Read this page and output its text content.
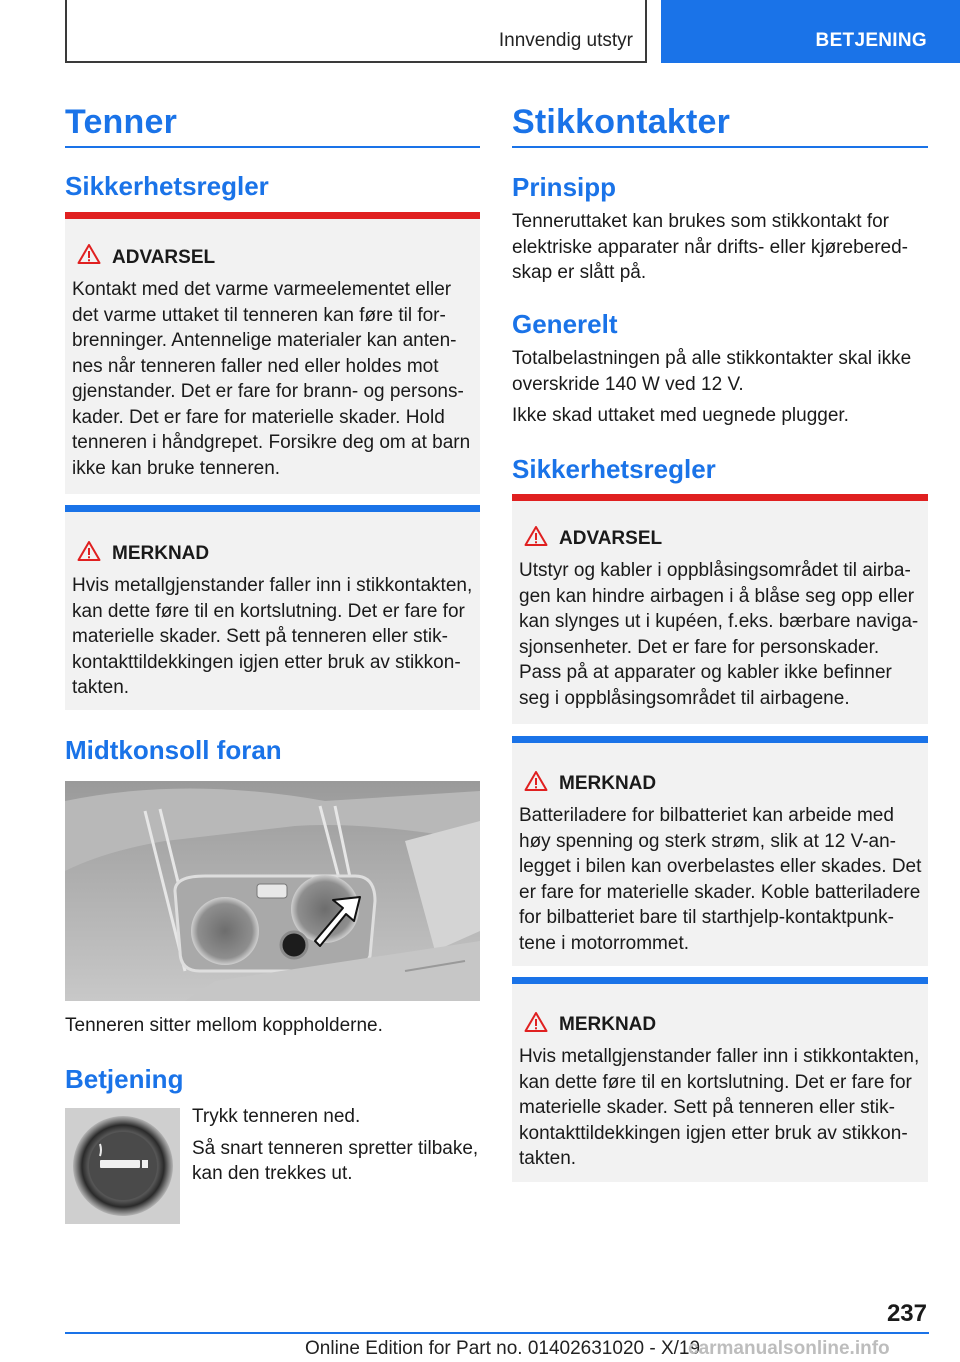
Innvendig utstyr	BETJENING
Tenner
Sikkerhetsregler
ADVARSEL
Kontakt med det varme varmeelementet eller
det varme uttaket til tenneren kan føre til for-
brenninger. Antennelige materialer kan anten-
nes når tenneren faller ned eller holdes mot
gjenstander. Det er fare for brann- og persons-
kader. Det er fare for materielle skader. Hold
tenneren i håndgrepet. Forsikre deg om at barn
ikke kan bruke tenneren.
MERKNAD
Hvis metallgjenstander faller inn i stikkontakten,
kan dette føre til en kortslutning. Det er fare for
materielle skader. Sett på tenneren eller stik-
kontakttildekkingen igjen etter bruk av stikkon-
takten.
Midtkonsoll foran
Tenneren sitter mellom koppholderne.
Betjening
Trykk tenneren ned.
Så snart tenneren spretter tilbake,
kan den trekkes ut.
Stikkontakter
Prinsipp
Tenneruttaket kan brukes som stikkontakt for
elektriske apparater når drifts- eller kjørebered-
skap er slått på.
Generelt
Totalbelastningen på alle stikkontakter skal ikke
overskride 140 W ved 12 V.
Ikke skad uttaket med uegnede plugger.
Sikkerhetsregler
ADVARSEL
Utstyr og kabler i oppblåsingsområdet til airba-
gen kan hindre airbagen i å blåse seg opp eller
kan slynges ut i kupéen, f.eks. bærbare naviga-
sjonsenheter. Det er fare for personskader.
Pass på at apparater og kabler ikke befinner
seg i oppblåsingsområdet til airbagene.
MERKNAD
Batteriladere for bilbatteriet kan arbeide med
høy spenning og sterk strøm, slik at 12 V-an-
legget i bilen kan overbelastes eller skades. Det
er fare for materielle skader. Koble batteriladere
for bilbatteriet bare til starthjelp-kontaktpunk-
tene i motorrommet.
MERKNAD
Hvis metallgjenstander faller inn i stikkontakten,
kan dette føre til en kortslutning. Det er fare for
materielle skader. Sett på tenneren eller stik-
kontakttildekkingen igjen etter bruk av stikkon-
takten.
237
Online Edition for Part no. 01402631020 - X/19
carmanualsonline.info
